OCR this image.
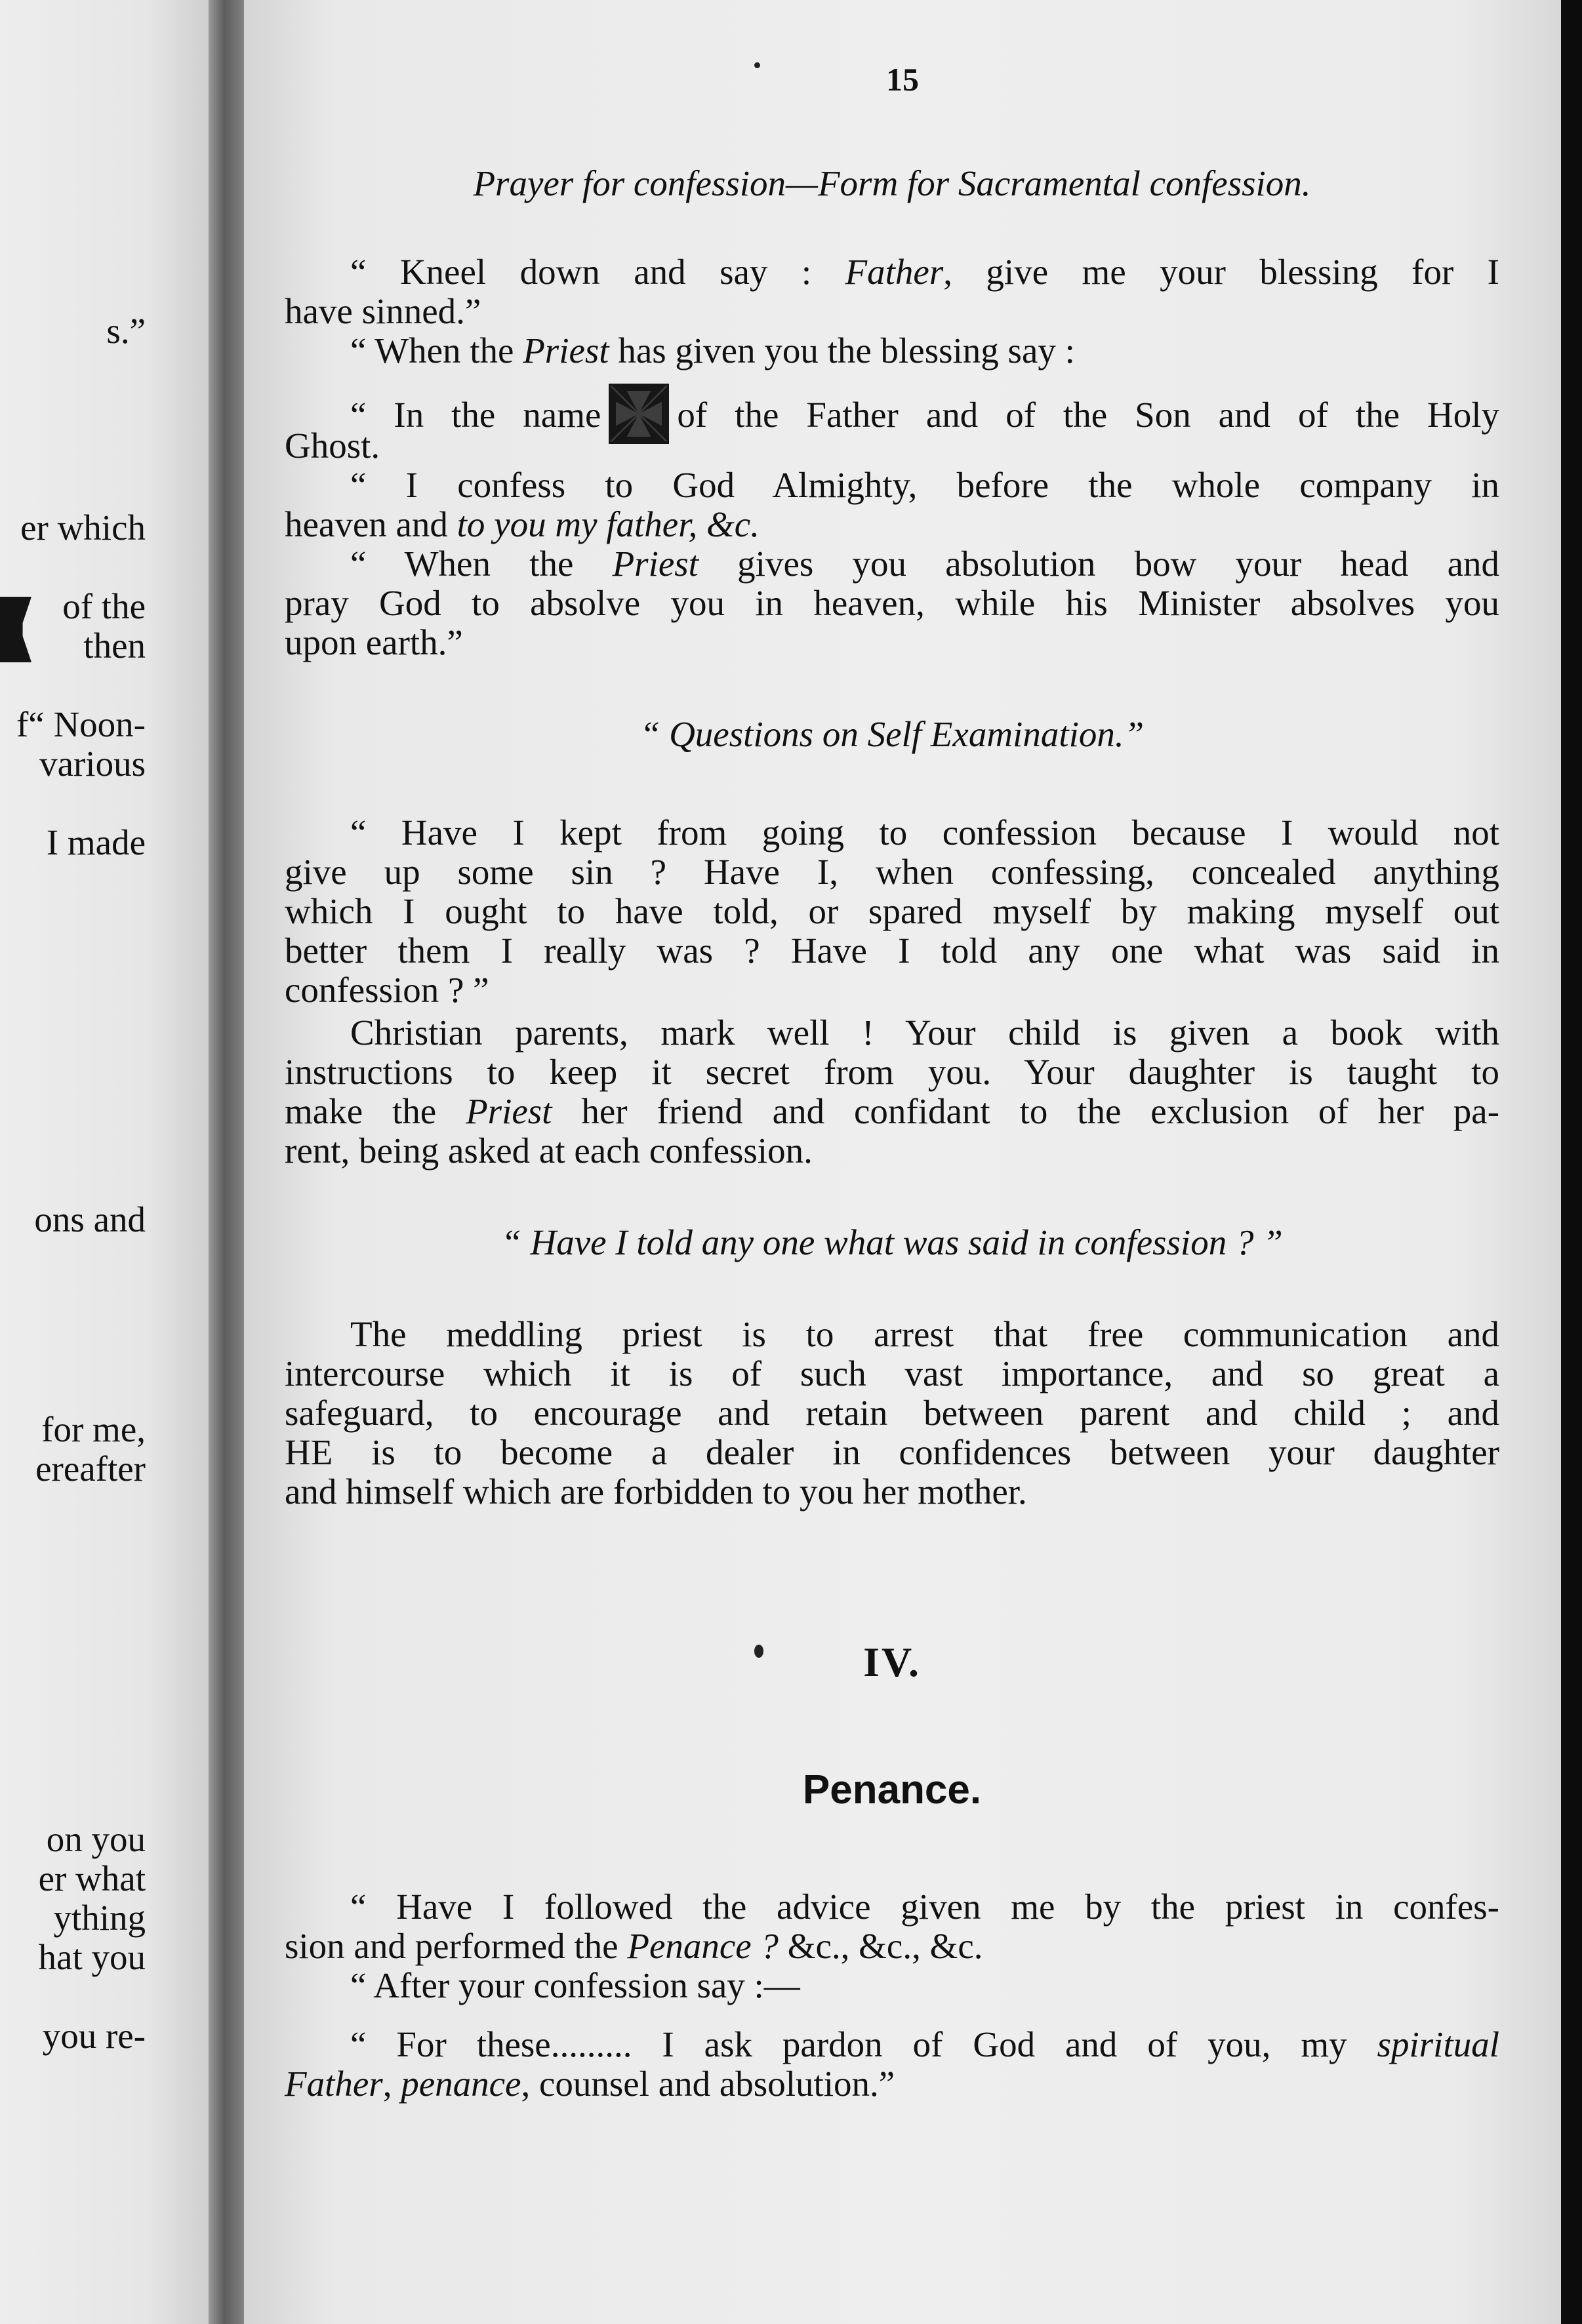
s.”

er which

of the

then

f“ Noon-

various

I made

ons and

for me,

ereafter

on you

er what

ything

hat you

you re-

15

Prayer for confession—Form for Sacramental confession.

“ Kneel down and say : Father, give me your blessing for I

have sinned.”

“ When the Priest has given you the blessing say :

“ In the name of the Father and of the Son and of the Holy

Ghost.

“ I confess to God Almighty, before the whole company in

heaven and to you my father, &c.

“ When the Priest gives you absolution bow your head and

pray God to absolve you in heaven, while his Minister absolves you

upon earth.”

“ Questions on Self Examination.”

“ Have I kept from going to confession because I would not

give up some sin ? Have I, when confessing, concealed anything

which I ought to have told, or spared myself by making myself out

better them I really was ? Have I told any one what was said in

confession ? ”

Christian parents, mark well ! Your child is given a book with

instructions to keep it secret from you. Your daughter is taught to

make the Priest her friend and confidant to the exclusion of her pa-

rent, being asked at each confession.

“ Have I told any one what was said in confession ? ”

The meddling priest is to arrest that free communication and

intercourse which it is of such vast importance, and so great a

safeguard, to encourage and retain between parent and child ; and

HE is to become a dealer in confidences between your daughter

and himself which are forbidden to you her mother.

IV.

Penance.

“ Have I followed the advice given me by the priest in confes-

sion and performed the Penance ? &c., &c., &c.

“ After your confession say :—

“ For these......... I ask pardon of God and of you, my spiritual

Father, penance, counsel and absolution.”
